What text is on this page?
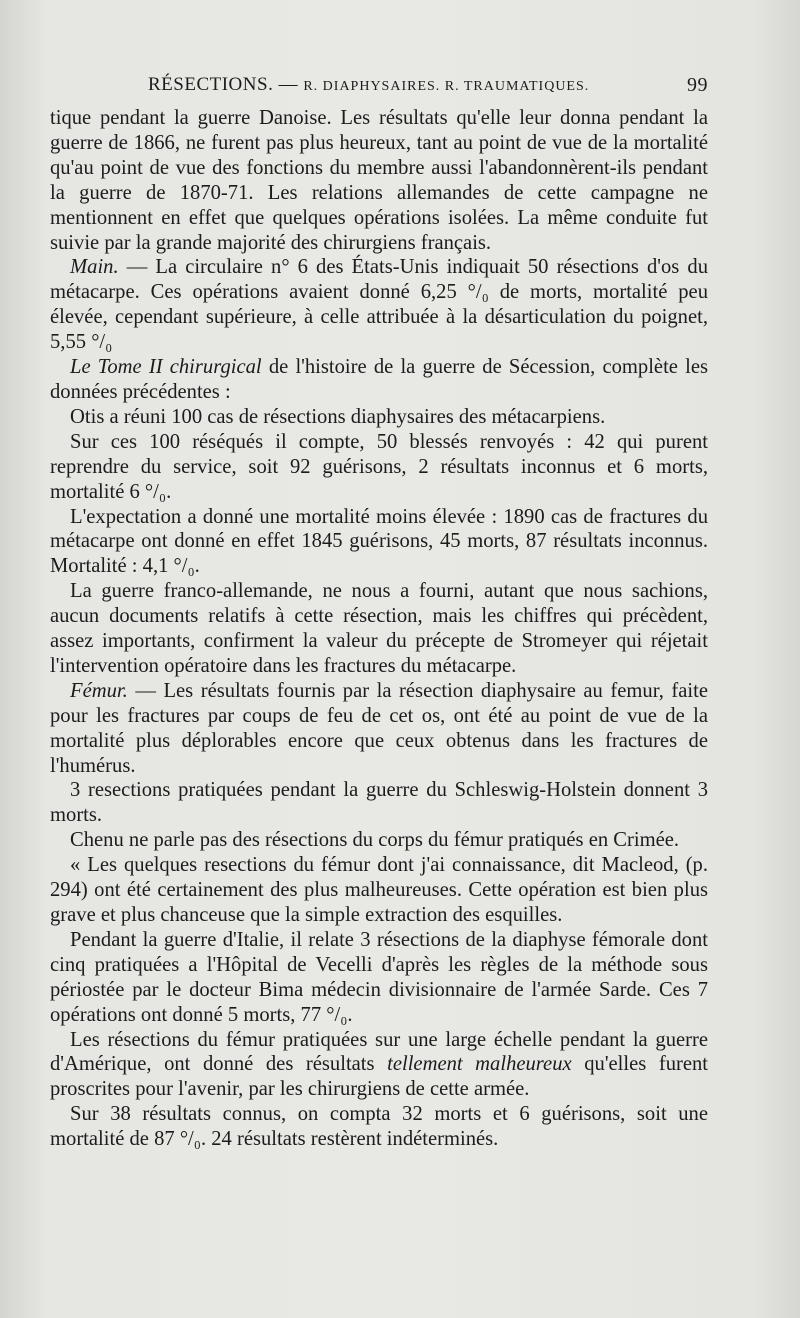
RÉSECTIONS. — R. DIAPHYSAIRES. R. TRAUMATIQUES.	99

tique pendant la guerre Danoise. Les résultats qu'elle leur donna pendant la guerre de 1866, ne furent pas plus heureux, tant au point de vue de la mortalité qu'au point de vue des fonctions du membre aussi l'abandonnèrent-ils pendant la guerre de 1870-71. Les relations allemandes de cette campagne ne mentionnent en effet que quelques opérations isolées. La même conduite fut suivie par la grande majorité des chirurgiens français.

Main. — La circulaire n° 6 des États-Unis indiquait 50 résections d'os du métacarpe. Ces opérations avaient donné 6,25 °/₀ de morts, mortalité peu élevée, cependant supérieure, à celle attribuée à la désarticulation du poignet, 5,55 °/₀

Le Tome II chirurgical de l'histoire de la guerre de Sécession, complète les données précédentes :

Otis a réuni 100 cas de résections diaphysaires des métacarpiens.

Sur ces 100 réséqués il compte, 50 blessés renvoyés : 42 qui purent reprendre du service, soit 92 guérisons, 2 résultats inconnus et 6 morts, mortalité 6 °/₀.

L'expectation a donné une mortalité moins élevée : 1890 cas de fractures du métacarpe ont donné en effet 1845 guérisons, 45 morts, 87 résultats inconnus. Mortalité : 4,1 °/₀.

La guerre franco-allemande, ne nous a fourni, autant que nous sachions, aucun documents relatifs à cette résection, mais les chiffres qui précèdent, assez importants, confirment la valeur du précepte de Stromeyer qui réjetait l'intervention opératoire dans les fractures du métacarpe.

Fémur. — Les résultats fournis par la résection diaphysaire au femur, faite pour les fractures par coups de feu de cet os, ont été au point de vue de la mortalité plus déplorables encore que ceux obtenus dans les fractures de l'humérus.

3 resections pratiquées pendant la guerre du Schleswig-Holstein donnent 3 morts.

Chenu ne parle pas des résections du corps du fémur pratiqués en Crimée.

« Les quelques resections du fémur dont j'ai connaissance, dit Macleod, (p. 294) ont été certainement des plus malheureuses. Cette opération est bien plus grave et plus chanceuse que la simple extraction des esquilles.

Pendant la guerre d'Italie, il relate 3 résections de la diaphyse fémorale dont cinq pratiquées a l'Hôpital de Vecelli d'après les règles de la méthode sous périostée par le docteur Bima médecin divisionnaire de l'armée Sarde. Ces 7 opérations ont donné 5 morts, 77 °/₀.

Les résections du fémur pratiquées sur une large échelle pendant la guerre d'Amérique, ont donné des résultats tellement malheureux qu'elles furent proscrites pour l'avenir, par les chirurgiens de cette armée.

Sur 38 résultats connus, on compta 32 morts et 6 guérisons, soit une mortalité de 87 °/₀. 24 résultats restèrent indéterminés.
